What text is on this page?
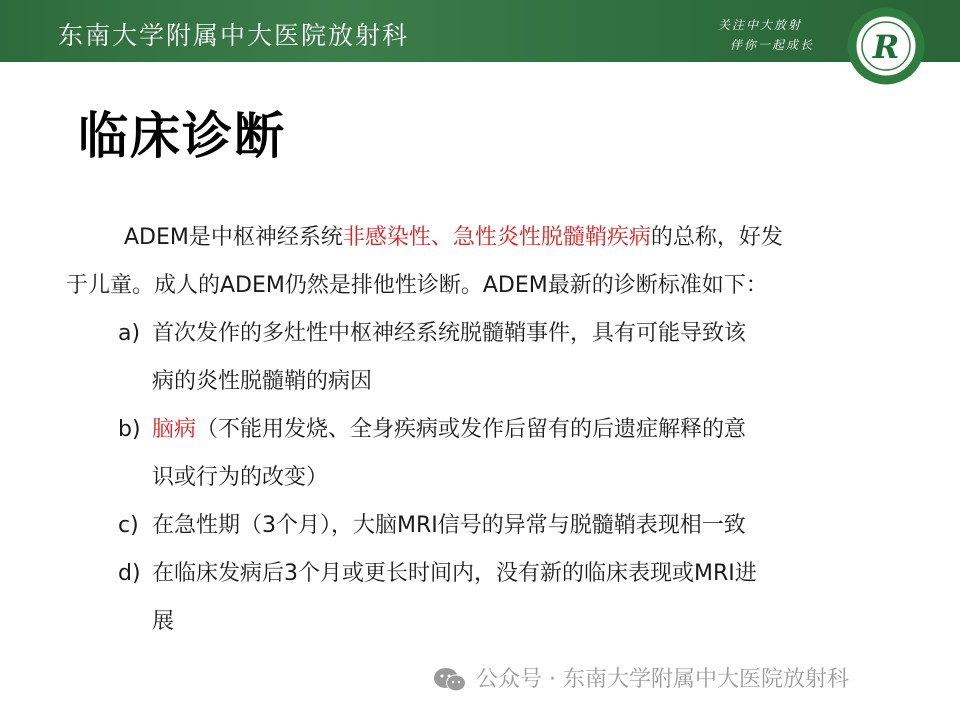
东南大学附属中大医院放射科	关注中大放射
伴你一起成长 R
临床诊断
ADEM是中枢神经系统非感染性、急性炎性脱髓鞘疾病的总称，好发
于儿童。成人的ADEM仍然是排他性诊断。ADEM最新的诊断标准如下：
a) 首次发作的多灶性中枢神经系统脱髓鞘事件，具有可能导致该
病的炎性脱髓鞘的病因
b) 脑病（不能用发烧、全身疾病或发作后留有的后遗症解释的意
识或行为的改变）
c) 在急性期（3个月），大脑MRI信号的异常与脱髓鞘表现相一致
d) 在临床发病后3个月或更长时间内，没有新的临床表现或MRI进
展
公众号 · 东南大学附属中大医院放射科
